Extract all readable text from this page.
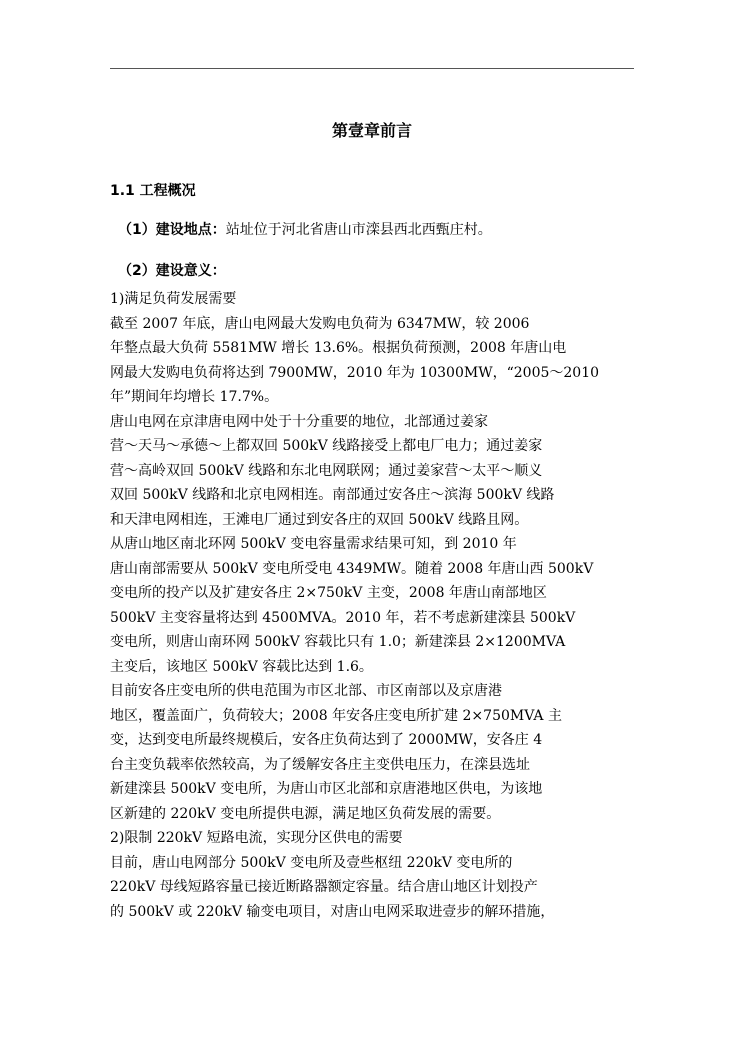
第壹章前言
1.1 工程概况
（1）建设地点：站址位于河北省唐山市滦县西北西甄庄村。
（2）建设意义：

1)满足负荷发展需要

截至 2007 年底，唐山电网最大发购电负荷为 6347MW，较 2006
年整点最大负荷 5581MW 增长 13.6%。根据负荷预测，2008 年唐山电
网最大发购电负荷将达到 7900MW，2010 年为 10300MW，“2005～2010
年”期间年均增长 17.7%。

唐山电网在京津唐电网中处于十分重要的地位，北部通过姜家
营～天马～承德～上都双回 500kV 线路接受上都电厂电力；通过姜家
营～高岭双回 500kV 线路和东北电网联网；通过姜家营～太平～顺义
双回 500kV 线路和北京电网相连。南部通过安各庄～滨海 500kV 线路
和天津电网相连，王滩电厂通过到安各庄的双回 500kV 线路且网。

从唐山地区南北环网 500kV 变电容量需求结果可知，到 2010 年
唐山南部需要从 500kV 变电所受电 4349MW。随着 2008 年唐山西 500kV
变电所的投产以及扩建安各庄 2×750kV 主变，2008 年唐山南部地区
500kV 主变容量将达到 4500MVA。2010 年，若不考虑新建滦县 500kV
变电所，则唐山南环网 500kV 容载比只有 1.0；新建滦县 2×1200MVA
主变后，该地区 500kV 容载比达到 1.6。

目前安各庄变电所的供电范围为市区北部、市区南部以及京唐港
地区，覆盖面广，负荷较大；2008 年安各庄变电所扩建 2×750MVA 主
变，达到变电所最终规模后，安各庄负荷达到了 2000MW，安各庄 4
台主变负载率依然较高，为了缓解安各庄主变供电压力，在滦县选址
新建滦县 500kV 变电所，为唐山市区北部和京唐港地区供电，为该地
区新建的 220kV 变电所提供电源，满足地区负荷发展的需要。

2)限制 220kV 短路电流，实现分区供电的需要

目前，唐山电网部分 500kV 变电所及壹些枢纽 220kV 变电所的
220kV 母线短路容量已接近断路器额定容量。结合唐山地区计划投产
的 500kV 或 220kV 输变电项目，对唐山电网采取进壹步的解环措施，
